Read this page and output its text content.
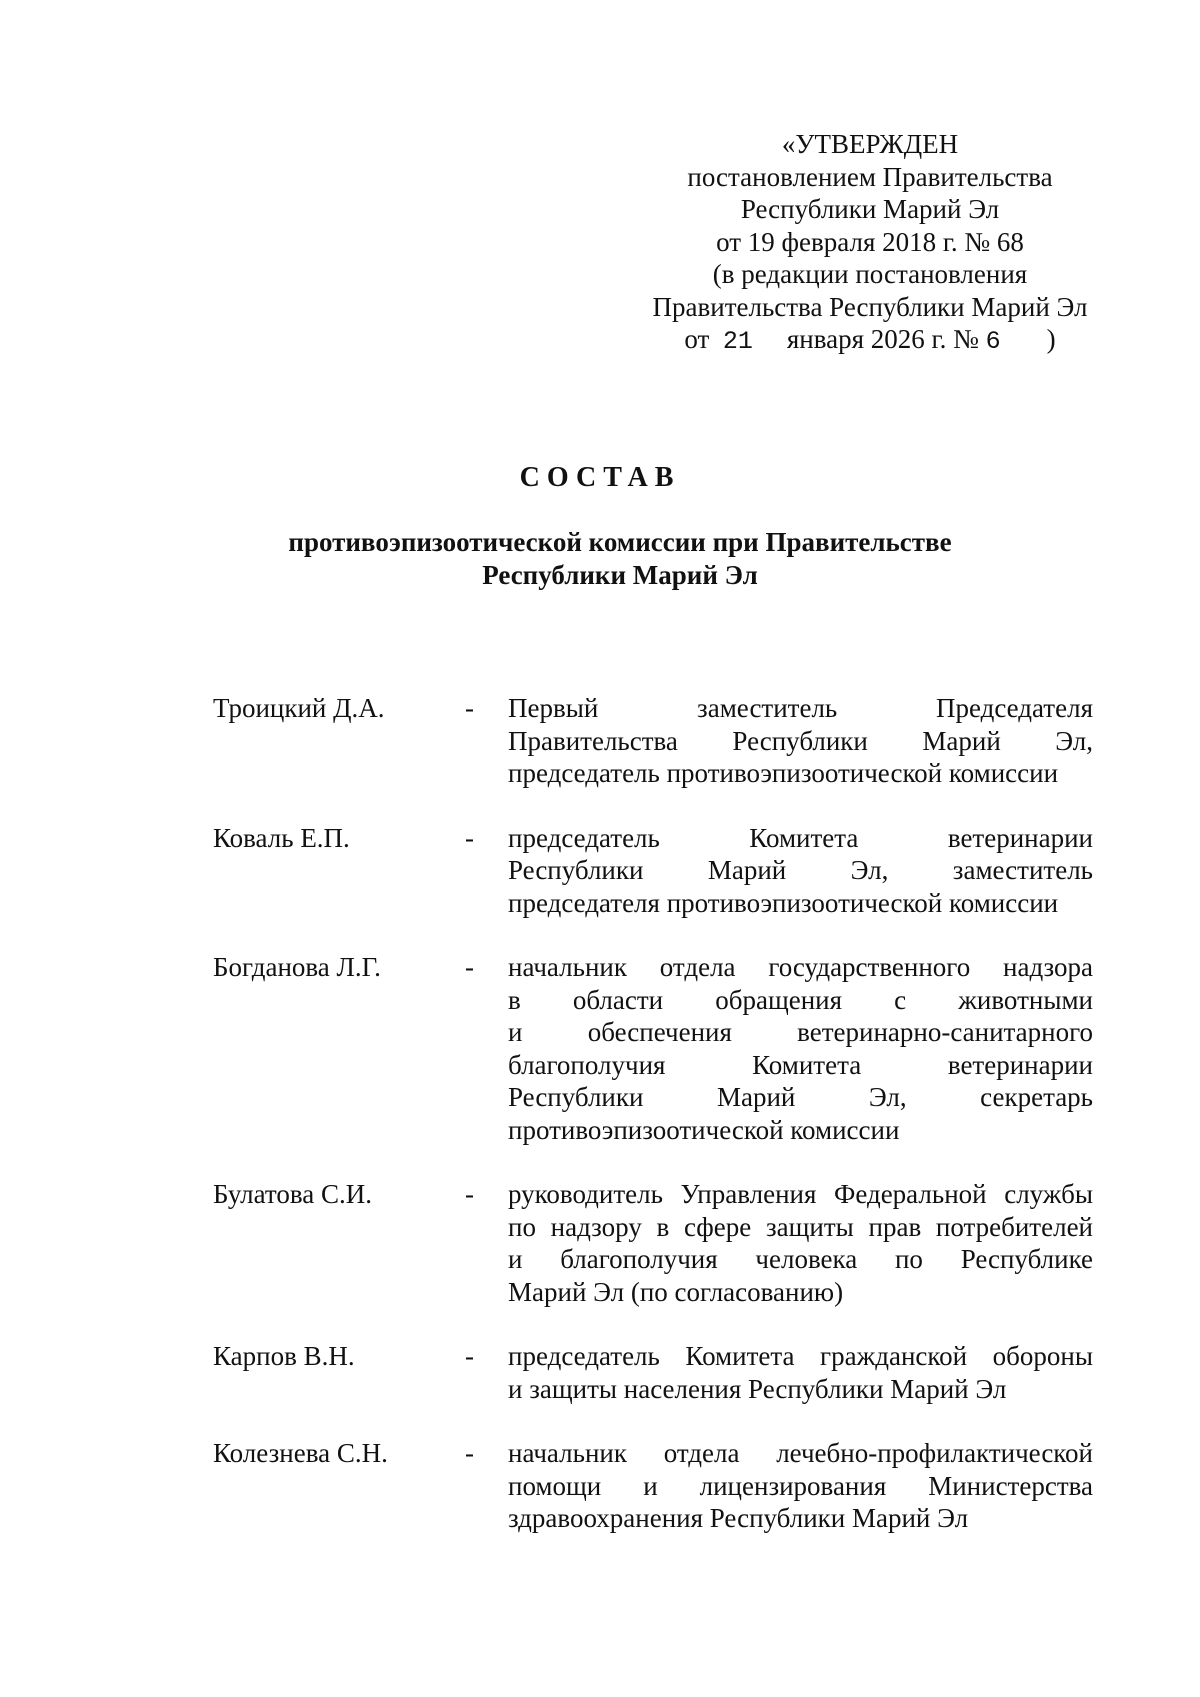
«УТВЕРЖДЕН
постановлением Правительства
Республики Марий Эл
от 19 февраля 2018 г. № 68
(в редакции постановления
Правительства Республики Марий Эл
от 21 января 2026 г. № 6 )
СОСТАВ
противоэпизоотической комиссии при Правительстве
Республики Марий Эл
Троицкий Д.А.	-	Первый заместитель Председателя
Правительства Республики Марий Эл,
председатель противоэпизоотической комиссии
Коваль Е.П.	-	председатель Комитета ветеринарии
Республики Марий Эл, заместитель
председателя противоэпизоотической комиссии
Богданова Л.Г.	-	начальник отдела государственного надзора
в области обращения с животными
и обеспечения ветеринарно-санитарного
благополучия Комитета ветеринарии
Республики Марий Эл, секретарь
противоэпизоотической комиссии
Булатова С.И.	-	руководитель Управления Федеральной службы
по надзору в сфере защиты прав потребителей
и благополучия человека по Республике
Марий Эл (по согласованию)
Карпов В.Н.	-	председатель Комитета гражданской обороны
и защиты населения Республики Марий Эл
Колезнева С.Н.	-	начальник отдела лечебно-профилактической
помощи и лицензирования Министерства
здравоохранения Республики Марий Эл
